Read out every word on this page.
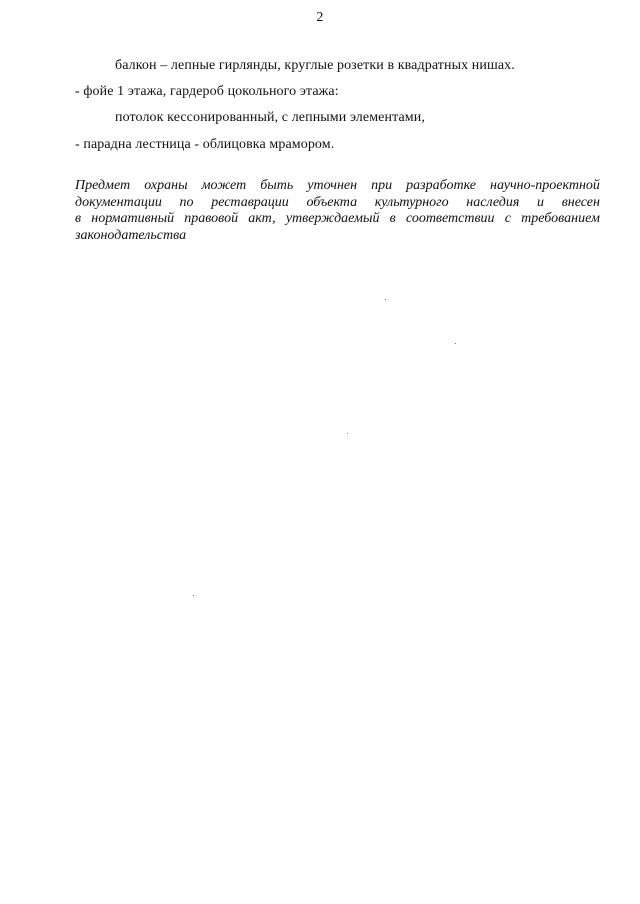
2
балкон – лепные гирлянды, круглые розетки в квадратных нишах.
- фойе 1 этажа, гардероб цокольного этажа:
потолок кессонированный, с лепными элементами,
- парадна лестница - облицовка мрамором.
Предмет охраны может быть уточнен при разработке научно-проектной
документации по реставрации объекта культурного наследия и внесен
в нормативный правовой акт, утверждаемый в соответствии с требованием
законодательства
